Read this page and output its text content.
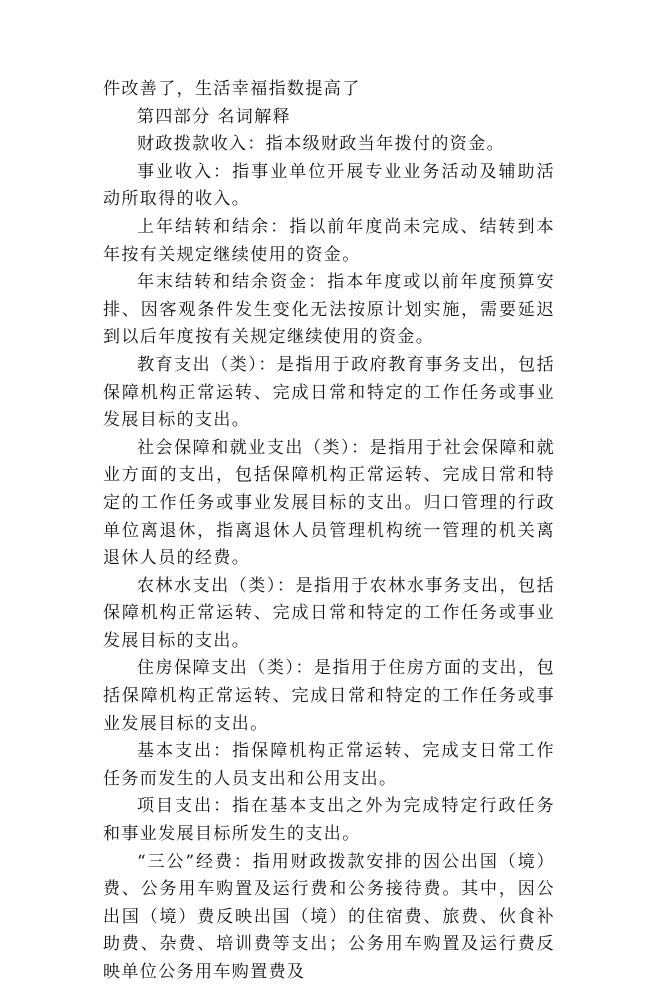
件改善了，生活幸福指数提高了

第四部分 名词解释

财政拨款收入：指本级财政当年拨付的资金。

事业收入：指事业单位开展专业业务活动及辅助活动所取得的收入。

上年结转和结余：指以前年度尚未完成、结转到本年按有关规定继续使用的资金。

年末结转和结余资金：指本年度或以前年度预算安排、因客观条件发生变化无法按原计划实施，需要延迟到以后年度按有关规定继续使用的资金。

教育支出（类）：是指用于政府教育事务支出，包括保障机构正常运转、完成日常和特定的工作任务或事业发展目标的支出。

社会保障和就业支出（类）：是指用于社会保障和就业方面的支出，包括保障机构正常运转、完成日常和特定的工作任务或事业发展目标的支出。归口管理的行政单位离退休，指离退休人员管理机构统一管理的机关离退休人员的经费。

农林水支出（类）：是指用于农林水事务支出，包括保障机构正常运转、完成日常和特定的工作任务或事业发展目标的支出。

住房保障支出（类）：是指用于住房方面的支出，包括保障机构正常运转、完成日常和特定的工作任务或事业发展目标的支出。

基本支出：指保障机构正常运转、完成支日常工作任务而发生的人员支出和公用支出。

项目支出：指在基本支出之外为完成特定行政任务和事业发展目标所发生的支出。

“三公”经费：指用财政拨款安排的因公出国（境）费、公务用车购置及运行费和公务接待费。其中，因公出国（境）费反映出国（境）的住宿费、旅费、伙食补助费、杂费、培训费等支出；公务用车购置及运行费反映单位公务用车购置费及
